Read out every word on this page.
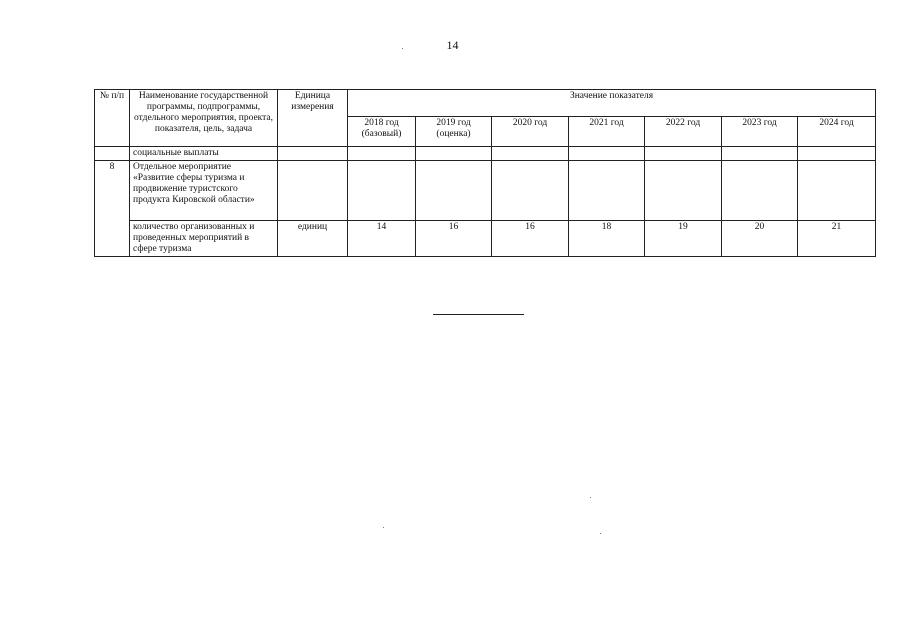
14
№ п/п	Наименование государственной программы, подпрограммы, отдельного мероприятия, проекта, показателя, цель, задача	Единица измерения	Значение показателя						
			2018 год (базовый)	2019 год (оценка)	2020 год	2021 год	2022 год	2023 год	2024 год
	социальные выплаты								
8	Отдельное мероприятие «Развитие сферы туризма и продвижение туристского продукта Кировской области»								
	количество организованных и проведенных мероприятий в сфере туризма	единиц	14	16	16	18	19	20	21
